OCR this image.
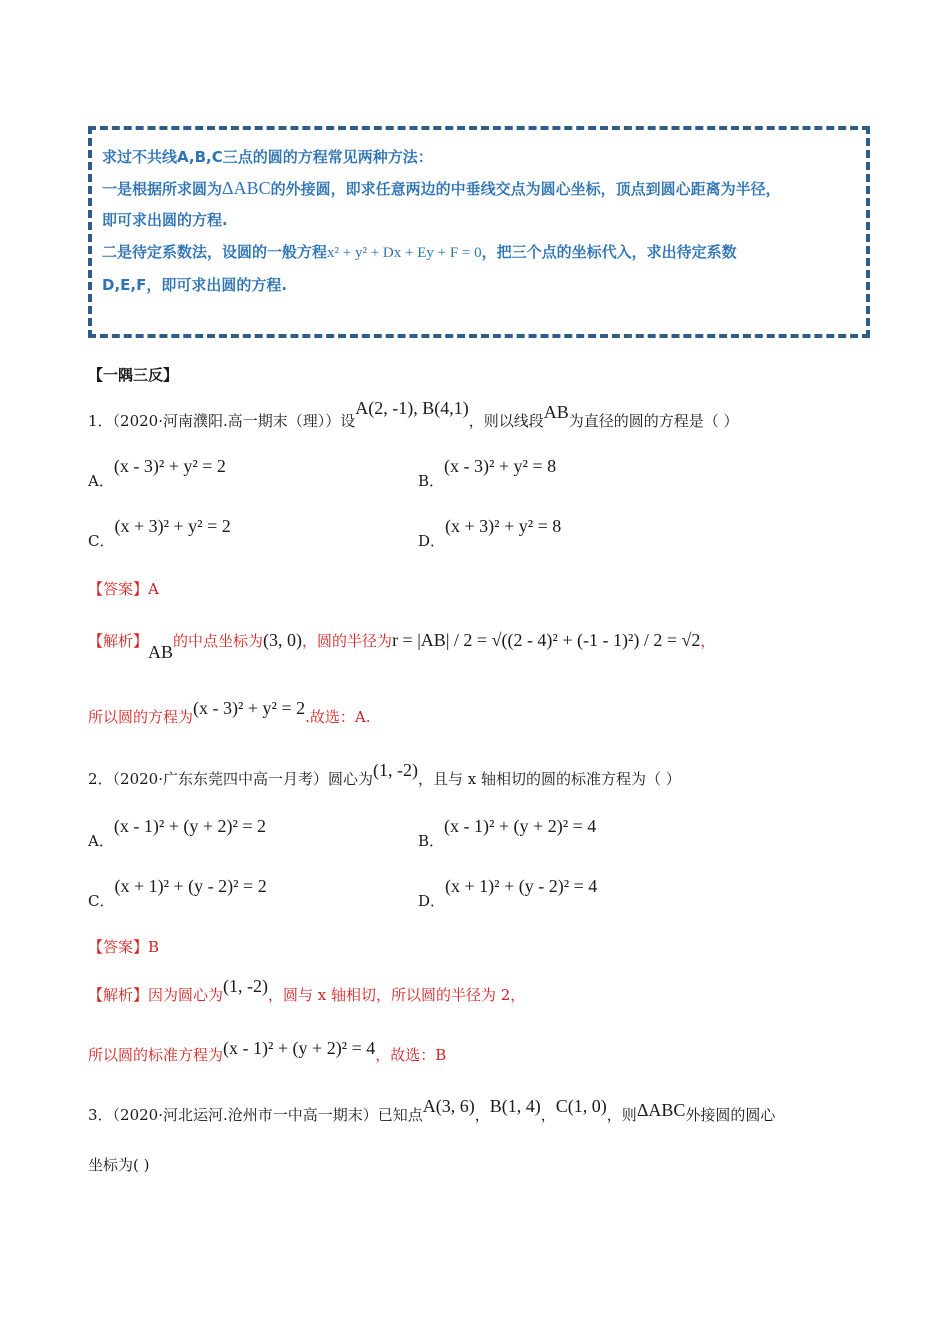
求过不共线A,B,C三点的圆的方程常见两种方法：
一是根据所求圆为ΔABC的外接圆，即求任意两边的中垂线交点为圆心坐标，顶点到圆心距离为半径，
即可求出圆的方程.
二是待定系数法，设圆的一般方程x² + y² + Dx + Ey + F = 0，把三个点的坐标代入，求出待定系数
D,E,F，即可求出圆的方程.
【一隅三反】
1．（2020·河南濮阳.高一期末（理））设A(2, -1), B(4,1)，则以线段AB为直径的圆的方程是（ ）
A．(x - 3)² + y² = 2
B．(x - 3)² + y² = 8
C．(x + 3)² + y² = 2
D．(x + 3)² + y² = 8
【答案】A
【解析】AB的中点坐标为(3, 0)，圆的半径为r = |AB| / 2 = √((2 - 4)² + (-1 - 1)²) / 2 = √2，
所以圆的方程为(x - 3)² + y² = 2.故选：A.
2．（2020·广东东莞四中高一月考）圆心为(1, -2)，且与 x 轴相切的圆的标准方程为（ ）
A．(x - 1)² + (y + 2)² = 2
B．(x - 1)² + (y + 2)² = 4
C．(x + 1)² + (y - 2)² = 2
D．(x + 1)² + (y - 2)² = 4
【答案】B
【解析】因为圆心为(1, -2)，圆与 x 轴相切，所以圆的半径为 2，
所以圆的标准方程为(x - 1)² + (y + 2)² = 4，故选：B
3．（2020·河北运河.沧州市一中高一期末）已知点A(3, 6)，B(1, 4)，C(1, 0)，则ΔABC外接圆的圆心
坐标为( )
